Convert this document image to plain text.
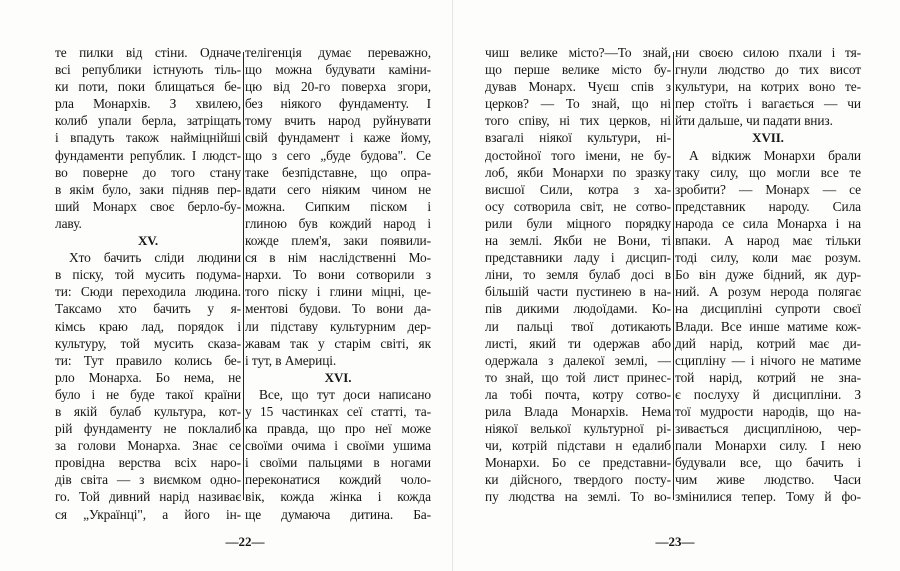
те пилки від стіни. Одначе
всі републики істнують тіль-
ки поти, поки блищаться бе-
рла Монархів. З хвилею,
колиб упали берла, затріщать
і впадуть також найміцнійші
фундаменти републик. І людст-
во поверне до того стану
в якім було, заки підняв пер-
ший Монарх своє берло-бу-
лаву.
XV.
Хто бачить сліди людини
в піску, той мусить подума-
ти: Сюди переходила людина.
Таксамо хто бачить у я-
кімсь краю лад, порядок і
культуру, той мусить сказа-
ти: Тут правило колись бе-
рло Монарха. Бо нема, не
було і не буде такої країни
в якій булаб культура, кот-
рій фундаменту не поклалиб
за голови Монарха. Знає се
провідна верства всіх наро-
дів світа — з виємком одно-
го. Той дивний нарід називає
ся „Українці", а його ін-
телігенція думає переважно,
що можна будувати каміни-
цю від 20-го поверха згори,
без ніякого фундаменту. І
тому вчить народ руйнувати
свій фундамент і каже йому,
що з сего „буде будова". Се
таке безпідставне, що опра-
вдати сего ніяким чином не
можна. Сипким піском і
глиною був кождий народ і
кожде плем'я, заки появили-
ся в нім наслідственні Мо-
нархи. То вони сотворили з
того піску і глини міцні, це-
ментові будови. То вони да-
ли підставу культурним дер-
жавам так у старім світі, як
і тут, в Америці.
XVI.
Все, що тут доси написано
у 15 частинках сеї статті, та-
ка правда, що про неї може
своїми очима і своїми ушима
і своїми пальцями в ногами
переконатися кождий чоло-
вік, кожда жінка і кожда
ще думаюча дитина. Ба-
—22—
чиш велике місто?—То знай,
що перше велике місто бу-
дував Монарх. Чуєш спів з
церков? — То знай, що ні
того співу, ні тих церков, ні
взагалі ніякої культури, ні-
достойної того імени, не бу-
лоб, якби Монархи по зразку
висшої Сили, котра з ха-
осу сотворила світ, не сотво-
рили були міцного порядку
на землі. Якби не Вони, ті
представники ладу і дисцип-
ліни, то земля булаб досі в
більшій части пустинею в на-
пів дикими людоїдами. Ко-
ли пальці твої дотикають
листі, який ти одержав або
одержала з далекої землі, —
то знай, що той лист принес-
ла тобі почта, котру сотво-
рила Влада Монархів. Нема
ніякої велької культурної рі-
чи, котрій підстави н едалиб
Монархи. Бо се представни-
ки дійсного, твердого посту-
пу людства на землі. То во-
ни своєю силою пхали і тя-
гнули людство до тих висот
культури, на котрих воно те-
пер стоїть і вагається — чи
йти дальше, чи падати вниз.
XVII.
А відкиж Монархи брали
таку силу, що могли все те
зробити? — Монарх — се
представник народу. Сила
народа се сила Монарха і на
впаки. А народ має тільки
тоді силу, коли має розум.
Бо він дуже бідний, як дур-
ний. А розум нерода полягає
на дисципліні супроти своєї
Влади. Все инше матиме кож-
дий нарід, котрий має ди-
сципліну — і нічого не матиме
той нарід, котрий не зна-
є послуху й дисципліни. З
тої мудрости народів, що на-
зивається дисципліною, чер-
пали Монархи силу. І нею
будували все, що бачить і
чим живе людство. Часи
змінилися тепер. Тому й фо-
—23—
